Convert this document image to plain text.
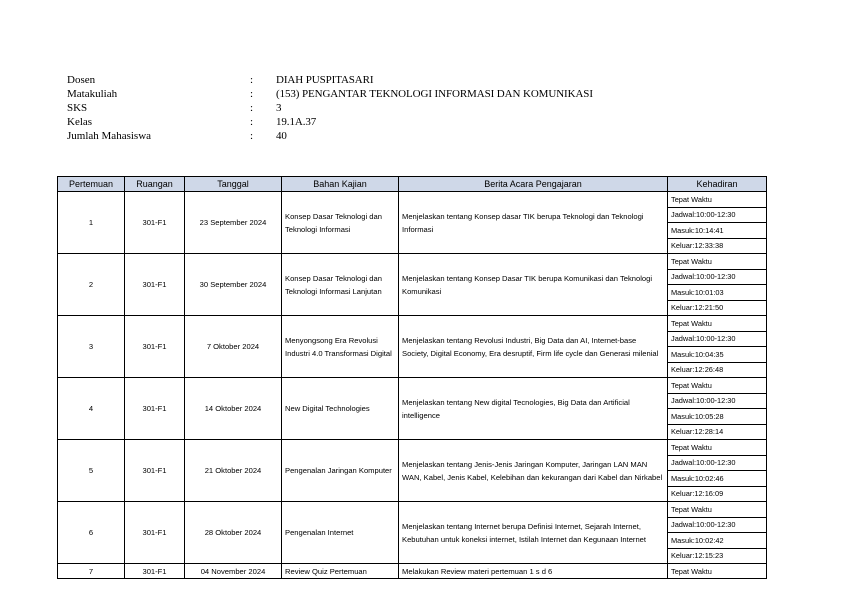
Dosen	: DIAH PUSPITASARI
Matakuliah	: (153) PENGANTAR TEKNOLOGI INFORMASI DAN KOMUNIKASI
SKS	: 3
Kelas	: 19.1A.37
Jumlah Mahasiswa	: 40
Pertemuan	Ruangan	Tanggal	Bahan Kajian	Berita Acara Pengajaran	Kehadiran
1	301-F1	23 September 2024	Konsep Dasar Teknologi dan Teknologi Informasi	Menjelaskan tentang Konsep dasar TIK berupa Teknologi dan Teknologi Informasi	Tepat Waktu
					Jadwal:10:00-12:30
					Masuk:10:14:41
					Keluar:12:33:38
2	301-F1	30 September 2024	Konsep Dasar Teknologi dan Teknologi Informasi Lanjutan	Menjelaskan tentang Konsep Dasar TIK berupa Komunikasi dan Teknologi Komunikasi	Tepat Waktu
					Jadwal:10:00-12:30
					Masuk:10:01:03
					Keluar:12:21:50
3	301-F1	7 Oktober 2024	Menyongsong Era Revolusi Industri 4.0 Transformasi Digital	Menjelaskan tentang Revolusi Industri, Big Data dan AI, Internet-base Society, Digital Economy, Era desruptif, Firm life cycle dan Generasi milenial	Tepat Waktu
					Jadwal:10:00-12:30
					Masuk:10:04:35
					Keluar:12:26:48
4	301-F1	14 Oktober 2024	New Digital Technologies	Menjelaskan tentang New digital Tecnologies, Big Data dan Artificial intelligence	Tepat Waktu
					Jadwal:10:00-12:30
					Masuk:10:05:28
					Keluar:12:28:14
5	301-F1	21 Oktober 2024	Pengenalan Jaringan Komputer	Menjelaskan tentang Jenis-Jenis Jaringan Komputer, Jaringan LAN MAN WAN, Kabel, Jenis Kabel, Kelebihan dan kekurangan dari Kabel dan Nirkabel	Tepat Waktu
					Jadwal:10:00-12:30
					Masuk:10:02:46
					Keluar:12:16:09
6	301-F1	28 Oktober 2024	Pengenalan Internet	Menjelaskan tentang Internet berupa Definisi Internet, Sejarah Internet, Kebutuhan untuk koneksi internet, Istilah Internet dan Kegunaan Internet	Tepat Waktu
					Jadwal:10:00-12:30
					Masuk:10:02:42
					Keluar:12:15:23
7	301-F1	04 November 2024	Review Quiz Pertemuan	Melakukan Review materi pertemuan 1 s d 6	Tepat Waktu
